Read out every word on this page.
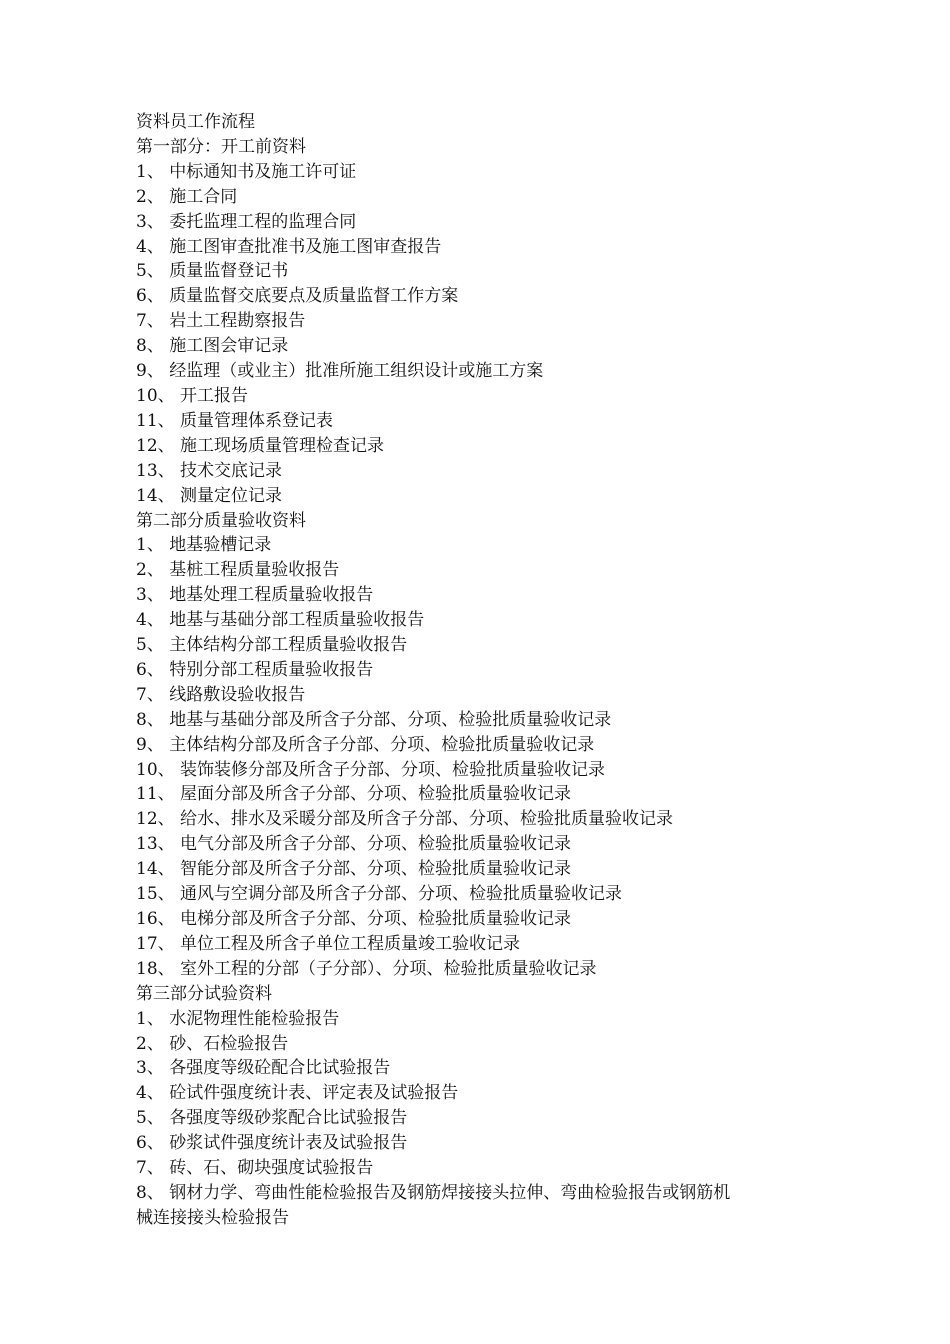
资料员工作流程
第一部分：开工前资料
1、 中标通知书及施工许可证
2、 施工合同
3、 委托监理工程的监理合同
4、 施工图审查批准书及施工图审查报告
5、 质量监督登记书
6、 质量监督交底要点及质量监督工作方案
7、 岩土工程勘察报告
8、 施工图会审记录
9、 经监理（或业主）批准所施工组织设计或施工方案
10、 开工报告
11、 质量管理体系登记表
12、 施工现场质量管理检查记录
13、 技术交底记录
14、 测量定位记录
第二部分质量验收资料
1、 地基验槽记录
2、 基桩工程质量验收报告
3、 地基处理工程质量验收报告
4、 地基与基础分部工程质量验收报告
5、 主体结构分部工程质量验收报告
6、 特别分部工程质量验收报告
7、 线路敷设验收报告
8、 地基与基础分部及所含子分部、分项、检验批质量验收记录
9、 主体结构分部及所含子分部、分项、检验批质量验收记录
10、 装饰装修分部及所含子分部、分项、检验批质量验收记录
11、 屋面分部及所含子分部、分项、检验批质量验收记录
12、 给水、排水及采暖分部及所含子分部、分项、检验批质量验收记录
13、 电气分部及所含子分部、分项、检验批质量验收记录
14、 智能分部及所含子分部、分项、检验批质量验收记录
15、 通风与空调分部及所含子分部、分项、检验批质量验收记录
16、 电梯分部及所含子分部、分项、检验批质量验收记录
17、 单位工程及所含子单位工程质量竣工验收记录
18、 室外工程的分部（子分部）、分项、检验批质量验收记录
第三部分试验资料
1、 水泥物理性能检验报告
2、 砂、石检验报告
3、 各强度等级砼配合比试验报告
4、 砼试件强度统计表、评定表及试验报告
5、 各强度等级砂浆配合比试验报告
6、 砂浆试件强度统计表及试验报告
7、 砖、石、砌块强度试验报告
8、 钢材力学、弯曲性能检验报告及钢筋焊接接头拉伸、弯曲检验报告或钢筋机
械连接接头检验报告
